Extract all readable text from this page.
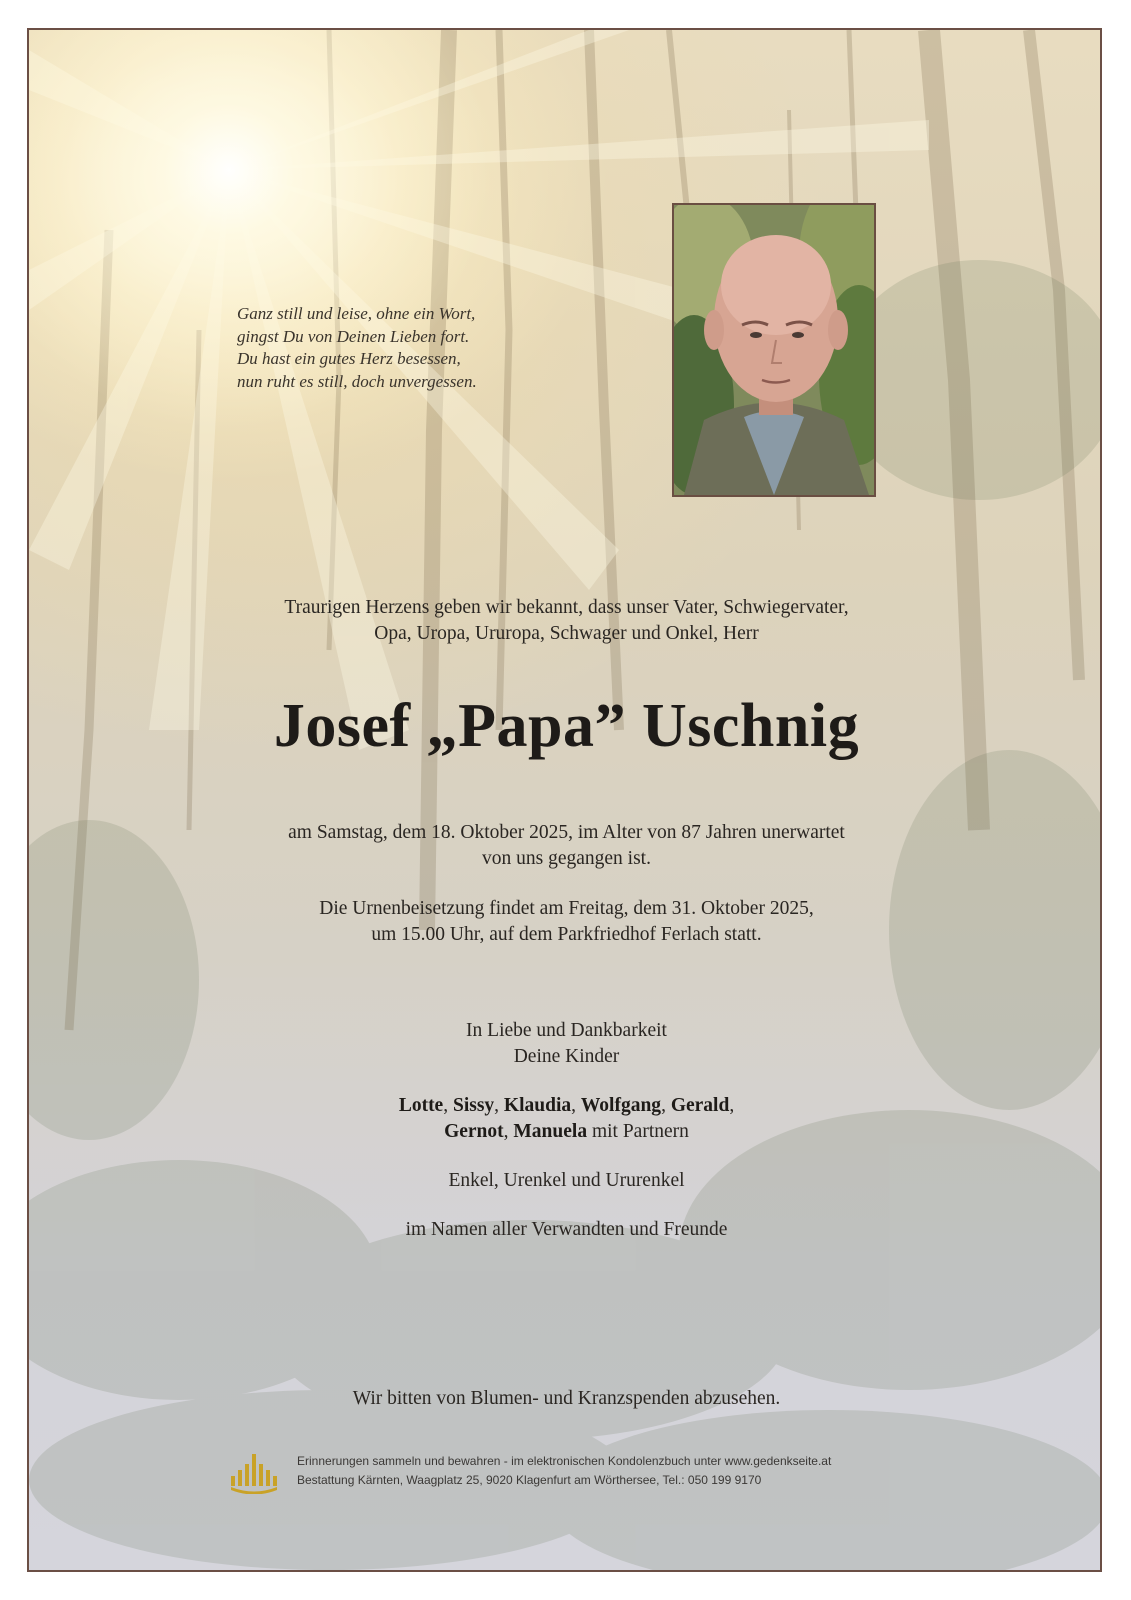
Ganz still und leise, ohne ein Wort,
gingst Du von Deinen Lieben fort.
Du hast ein gutes Herz besessen,
nun ruht es still, doch unvergessen.
Traurigen Herzens geben wir bekannt, dass unser Vater, Schwiegervater,
Opa, Uropa, Ururopa, Schwager und Onkel, Herr
Josef „Papa” Uschnig
am Samstag, dem 18. Oktober 2025, im Alter von 87 Jahren unerwartet
von uns gegangen ist.
Die Urnenbeisetzung findet am Freitag, dem 31. Oktober 2025,
um 15.00 Uhr, auf dem Parkfriedhof Ferlach statt.
In Liebe und Dankbarkeit
Deine Kinder
Lotte, Sissy, Klaudia, Wolfgang, Gerald,
Gernot, Manuela mit Partnern
Enkel, Urenkel und Ururenkel
im Namen aller Verwandten und Freunde
Wir bitten von Blumen- und Kranzspenden abzusehen.
Erinnerungen sammeln und bewahren - im elektronischen Kondolenzbuch unter www.gedenkseite.at
Bestattung Kärnten, Waagplatz 25, 9020 Klagenfurt am Wörthersee, Tel.: 050 199 9170
